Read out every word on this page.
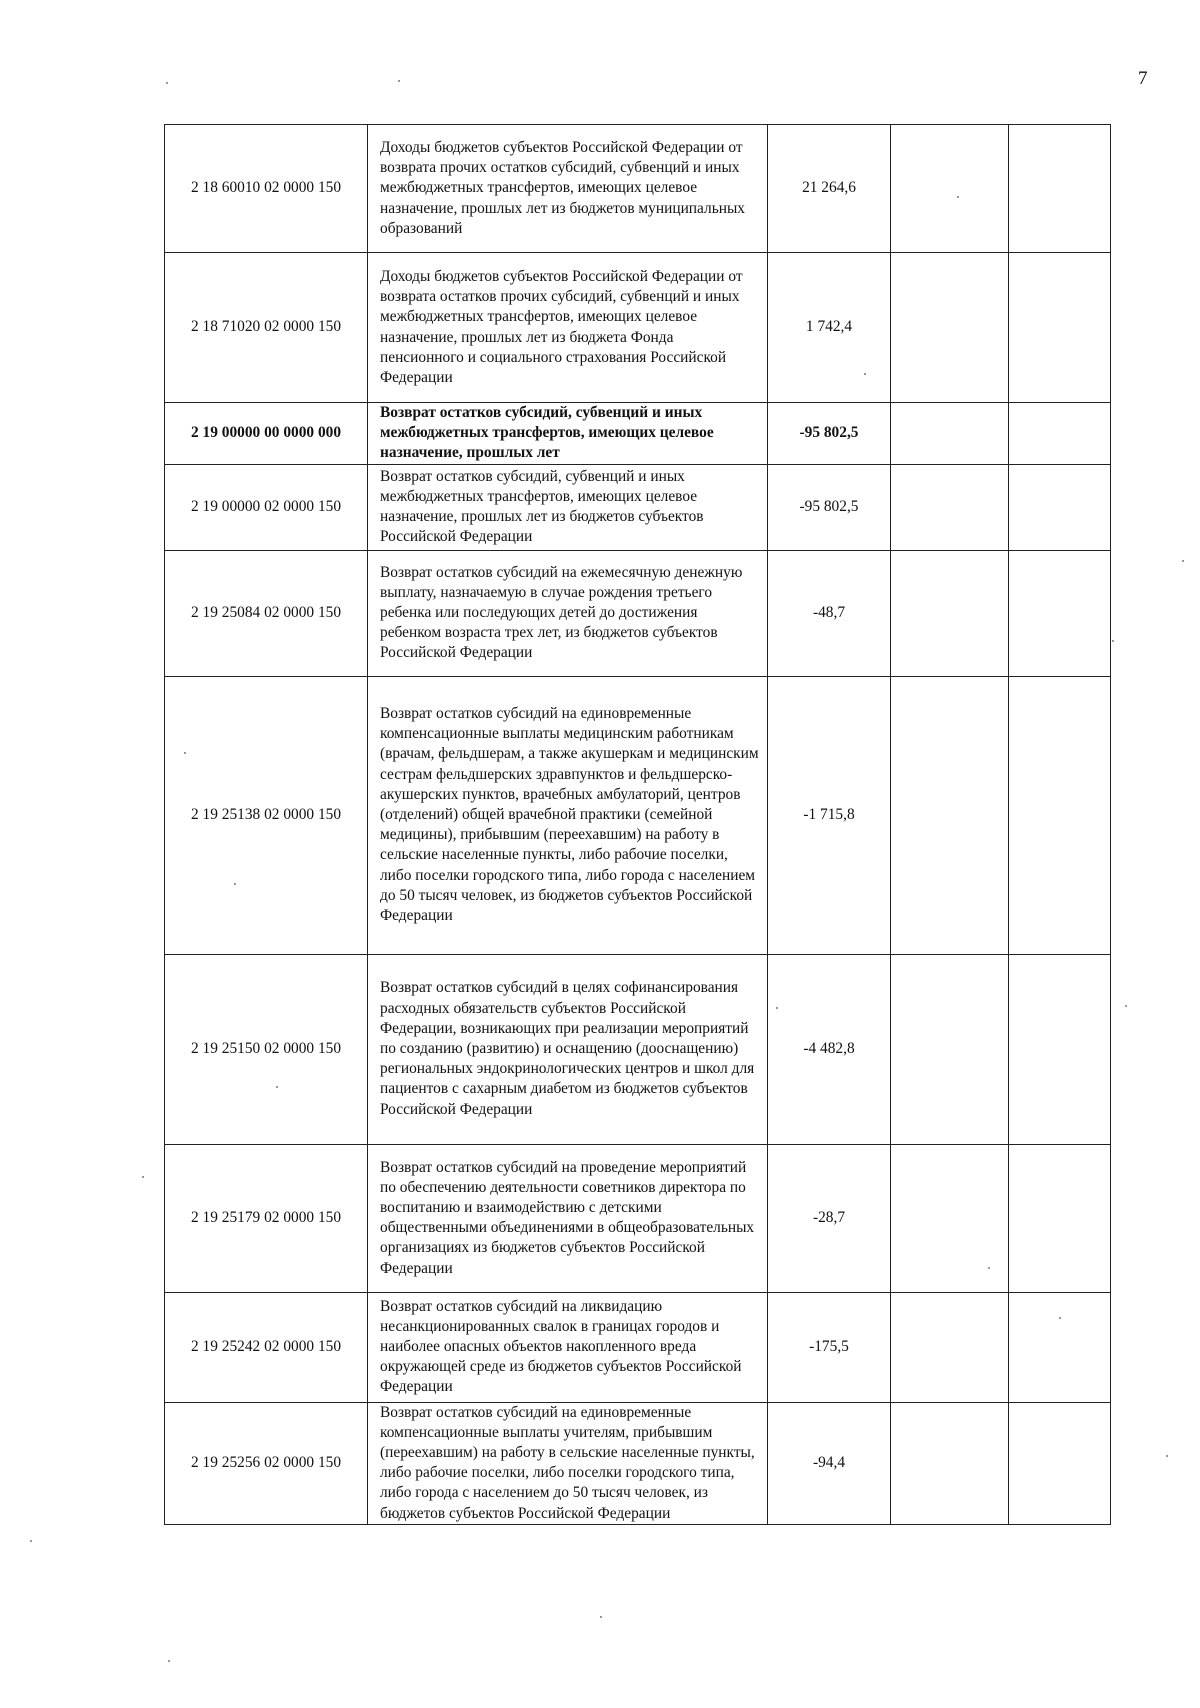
7
2 18 60010 02 0000 150	Доходы бюджетов субъектов Российской Федерации от возврата прочих остатков субсидий, субвенций и иных межбюджетных трансфертов, имеющих целевое назначение, прошлых лет из бюджетов муниципальных образований	21 264,6		
2 18 71020 02 0000 150	Доходы бюджетов субъектов Российской Федерации от возврата остатков прочих субсидий, субвенций и иных межбюджетных трансфертов, имеющих целевое назначение, прошлых лет из бюджета Фонда пенсионного и социального страхования Российской Федерации	1 742,4		
2 19 00000 00 0000 000	Возврат остатков субсидий, субвенций и иных межбюджетных трансфертов, имеющих целевое назначение, прошлых лет	-95 802,5		
2 19 00000 02 0000 150	Возврат остатков субсидий, субвенций и иных межбюджетных трансфертов, имеющих целевое назначение, прошлых лет из бюджетов субъектов Российской Федерации	-95 802,5		
2 19 25084 02 0000 150	Возврат остатков субсидий на ежемесячную денежную выплату, назначаемую в случае рождения третьего ребенка или последующих детей до достижения ребенком возраста трех лет, из бюджетов субъектов Российской Федерации	-48,7		
2 19 25138 02 0000 150	Возврат остатков субсидий на единовременные компенсационные выплаты медицинским работникам (врачам, фельдшерам, а также акушеркам и медицинским сестрам фельдшерских здравпунктов и фельдшерско-акушерских пунктов, врачебных амбулаторий, центров (отделений) общей врачебной практики (семейной медицины), прибывшим (переехавшим) на работу в сельские населенные пункты, либо рабочие поселки, либо поселки городского типа, либо города с населением до 50 тысяч человек, из бюджетов субъектов Российской Федерации	-1 715,8		
2 19 25150 02 0000 150	Возврат остатков субсидий в целях софинансирования расходных обязательств субъектов Российской Федерации, возникающих при реализации мероприятий по созданию (развитию) и оснащению (дооснащению) региональных эндокринологических центров и школ для пациентов с сахарным диабетом из бюджетов субъектов Российской Федерации	-4 482,8		
2 19 25179 02 0000 150	Возврат остатков субсидий на проведение мероприятий по обеспечению деятельности советников директора по воспитанию и взаимодействию с детскими общественными объединениями в общеобразовательных организациях из бюджетов субъектов Российской Федерации	-28,7		
2 19 25242 02 0000 150	Возврат остатков субсидий на ликвидацию несанкционированных свалок в границах городов и наиболее опасных объектов накопленного вреда окружающей среде из бюджетов субъектов Российской Федерации	-175,5		
2 19 25256 02 0000 150	Возврат остатков субсидий на единовременные компенсационные выплаты учителям, прибывшим (переехавшим) на работу в сельские населенные пункты, либо рабочие поселки, либо поселки городского типа, либо города с населением до 50 тысяч человек, из бюджетов субъектов Российской Федерации	-94,4		
